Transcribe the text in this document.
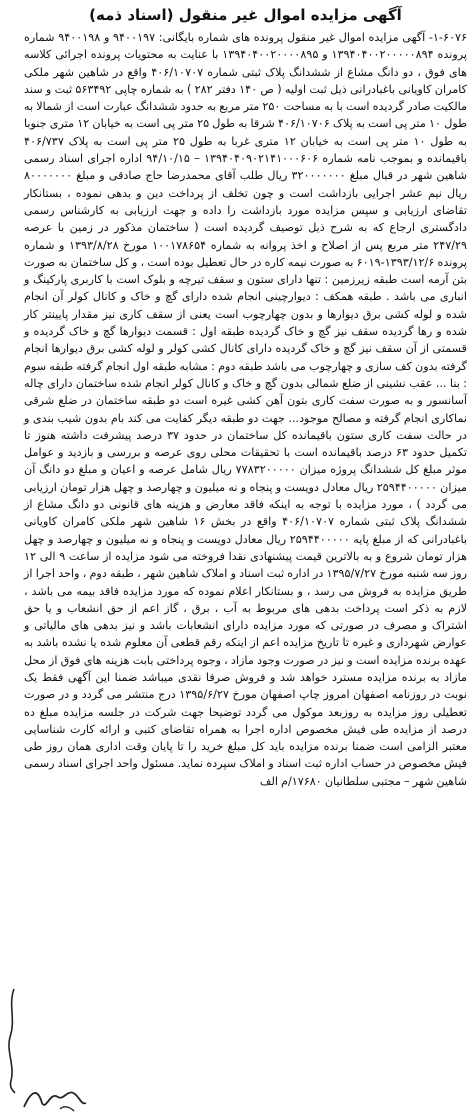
آگهی مزایده اموال غیر منقول (اسناد ذمه)

۱-۶۰۷۶- آگهی مزایده اموال غیر منقول پرونده های شماره بایگانی: ۹۴۰۰۱۹۷ و ۹۴۰۰۱۹۸ شماره پرونده ۱۳۹۴۰۴۰۰۲۰۰۰۰۰۸۹۴ و ۱۳۹۴۰۴۰۰۲۰۰۰۰۸۹۵ با عنایت به محتویات پرونده اجرائی کلاسه های فوق ، دو دانگ مشاع از ششدانگ پلاک ثبتی شماره ۴۰۶/۱۰۷۰۷ واقع در شاهین شهر ملکی کامران کاویانی باغبادرانی ذیل ثبت اولیه ( ص ۱۴۰ دفتر ۲۸۲ ) به شماره چاپی ۵۶۳۴۹۲ ثبت و سند مالکیت صادر گردیده است با به مساحت ۲۵۰ متر مربع به حدود ششدانگ عبارت است از شمالا به طول ۱۰ متر پی است به پلاک ۴۰۶/۱۰۷۰۶ شرقا به طول ۲۵ متر پی است به خیابان ۱۲ متری جنوبا به طول ۱۰ متر پی است به خیابان ۱۲ متری غربا به طول ۲۵ متر پی است به پلاک ۴۰۶/۷۳۷ باقیمانده و بموجب نامه شماره ۱۳۹۴۰۴۰۹۰۲۱۴۱۰۰۰۶۰۶ – ۹۴/۱۰/۱۵ اداره اجرای اسناد رسمی شاهین شهر در قبال مبلغ ۳۲۰۰۰۰۰۰۰ ریال طلب آقای محمدرضا حاج صادقی و مبلغ ۸۰۰۰۰۰۰۰ ریال نیم عشر اجرایی بازداشت است و چون تخلف از پرداخت دین و بدهی نموده ، بستانکار تقاضای ارزیابی و سپس مزایده مورد بازداشت را داده و جهت ارزیابی به کارشناس رسمی دادگستری ارجاع که به شرح ذیل توصیف گردیده است ( ساختمان مذکور در زمین با عرصه ۲۴۷/۲۹ متر مربع پس از اصلاح و اخذ پروانه به شماره ۱۰۰۱۷۸۶۵۴ مورخ ۱۳۹۳/۸/۲۸ و شماره پرونده ۱۳۹۳/۱۲/۶-۶۰۱۹ به صورت نیمه کاره در حال تعطیل بوده است ، و کل ساختمان به صورت بتن آرمه است طبقه زیرزمین : تنها دارای ستون و سقف تیرچه و بلوک است با کاربری پارکینگ و انباری می باشد . طبقه همکف : دیوارچینی انجام شده دارای گچ و خاک و کانال کولر آن انجام شده و لوله کشی برق دیوارها و بدون چهارچوب است یعنی از سقف کاری نیز مقدار پایینتر کار شده و رها گردیده سقف نیز گچ و خاک گردیده طبقه اول : قسمت دیوارها گچ و خاک گردیده و قسمتی از آن سقف نیز گچ و خاک گردیده دارای کانال کشی کولر و لوله کشی برق دیوارها انجام گرفته بدون کف سازی و چهارچوب می باشد طبقه دوم : مشابه طبقه اول انجام گرفته طبقه سوم : بنا ... عقب نشینی از ضلع شمالی بدون گچ و خاک و کانال کولر انجام شده ساختمان دارای چاله آسانسور و به صورت سفت کاری بتون آهن کشی غیره است دو طبقه ساختمان در ضلع شرقی نماکاری انجام گرفته و مصالح موجود... جهت دو طبقه دیگر کفایت می کند بام بدون شیب بندی و در حالت سفت کاری ستون باقیمانده کل ساختمان در حدود ۳۷ درصد پیشرفت داشته هنوز تا تکمیل حدود ۶۳ درصد باقیمانده است با تحقیقات محلی روی عرصه و بررسی و بازدید و عوامل موثر مبلغ کل ششدانگ پروژه میزان ۷۷۸۳۲۰۰۰۰۰ ریال شامل عرصه و اعیان و مبلغ دو دانگ آن میزان ۲۵۹۴۴۰۰۰۰۰ ریال معادل دویست و پنجاه و نه میلیون و چهارصد و چهل هزار تومان ارزیابی می گردد ) ، مورد مزایده با توجه به اینکه فاقد معارض و هزینه های قانونی دو دانگ مشاع از ششدانگ پلاک ثبتی شماره ۴۰۶/۱۰۷۰۷ واقع در بخش ۱۶ شاهین شهر ملکی کامران کاویانی باغبادرانی که از مبلغ پایه ۲۵۹۴۴۰۰۰۰۰ ریال معادل دویست و پنجاه و نه میلیون و چهارصد و چهل هزار تومان شروع و به بالاترین قیمت پیشنهادی نقدا فروخته می شود مزایده از ساعت ۹ الی ۱۲ روز سه شنبه مورخ ۱۳۹۵/۷/۲۷ در اداره ثبت اسناد و املاک شاهین شهر ، طبقه دوم ، واحد اجرا از طریق مزایده به فروش می رسد ، و بستانکار اعلام نموده که مورد مزایده فاقد بیمه می باشد ، لازم به ذکر است پرداخت بدهی های مربوط به آب ، برق ، گاز اعم از حق انشعاب و یا حق اشتراک و مصرف در صورتی که مورد مزایده دارای انشعابات باشد و نیز بدهی های مالیاتی و عوارض شهرداری و غیره تا تاریخ مزایده اعم از اینکه رقم قطعی آن معلوم شده یا نشده باشد به عهده برنده مزایده است و نیز در صورت وجود مازاد ، وجوه پرداختی بابت هزینه های فوق از محل مازاد به برنده مزایده مسترد خواهد شد و فروش صرفا نقدی میباشد ضمنا این آگهی فقط یک نوبت در روزنامه اصفهان امروز چاپ اصفهان مورخ ۱۳۹۵/۶/۲۷ درج منتشر می گردد و در صورت تعطیلی روز مزایده به روزبعد موکول می گردد توضیحا جهت شرکت در جلسه مزایده مبلغ ده درصد از مزایده طی فیش مخصوص اداره اجرا به همراه تقاضای کتبی و ارائه کارت شناسایی معتبر الزامی است ضمنا برنده مزایده باید کل مبلغ خرید را تا پایان وقت اداری همان روز طی فیش مخصوص در حساب اداره ثبت اسناد و املاک سپرده نماید. مسئول واحد اجرای اسناد رسمی شاهین شهر – مجتبی سلطانیان ۱۷۶۸۰/م الف
